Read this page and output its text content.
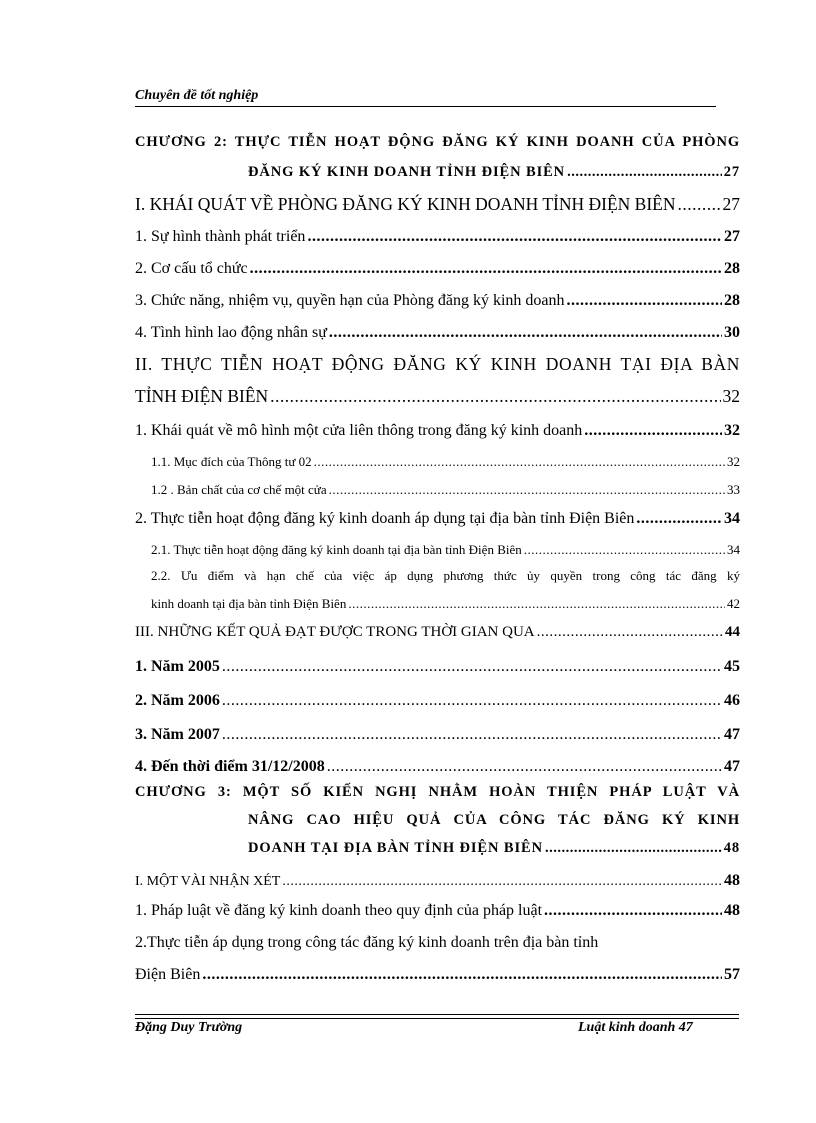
Chuyên đề tốt nghiệp
CHƯƠNG 2: THỰC TIỄN HOẠT ĐỘNG ĐĂNG KÝ KINH DOANH CỦA PHÒNG
ĐĂNG KÝ KINH DOANH TỈNH ĐIỆN BIÊN .....	27
I. KHÁI QUÁT VỀ PHÒNG ĐĂNG KÝ KINH DOANH TỈNH ĐIỆN BIÊN .....	27
1. Sự hình thành phát triển .....	27
2. Cơ cấu tổ chức .....	28
3. Chức năng, nhiệm vụ, quyền hạn của Phòng đăng ký kinh doanh .....	28
4. Tình hình lao động nhân sự .....	30
II. THỰC TIỄN HOẠT ĐỘNG ĐĂNG KÝ KINH DOANH TẠI ĐỊA BÀN
TỈNH ĐIỆN BIÊN .....	32
1. Khái quát về mô hình một cửa liên thông trong đăng ký kinh doanh .....	32
1.1. Mục đích của Thông tư 02 .....	32
1.2 . Bản chất của cơ chế một cửa .....	33
2. Thực tiễn hoạt động đăng ký kinh doanh áp dụng tại địa bàn tỉnh Điện Biên .....	34
2.1. Thực tiễn hoạt động đăng ký kinh doanh tại địa bàn tỉnh Điện Biên .....	34
2.2. Ưu điểm và hạn chế của việc áp dụng phương thức ủy quyền trong công tác đăng ký
kinh doanh tại địa bàn tỉnh Điện Biên .....	42
III. NHỮNG KẾT QUẢ ĐẠT ĐƯỢC TRONG THỜI GIAN QUA .....	44
1. Năm 2005 .....	45
2. Năm 2006 .....	46
3. Năm 2007 .....	47
4. Đến thời điểm 31/12/2008 .....	47
CHƯƠNG 3: MỘT SỐ KIẾN NGHỊ NHẰM HOÀN THIỆN PHÁP LUẬT VÀ
NÂNG CAO HIỆU QUẢ CỦA CÔNG TÁC ĐĂNG KÝ KINH
DOANH TẠI ĐỊA BÀN TỈNH ĐIỆN BIÊN .....	48
I. MỘT VÀI NHẬN XÉT .....	48
1. Pháp luật về đăng ký kinh doanh theo quy định của pháp luật .....	48
2.Thực tiễn áp dụng trong công tác đăng ký kinh doanh trên địa bàn tỉnh
Điện Biên .....	57
Đặng Duy Trường	Luật kinh doanh 47
